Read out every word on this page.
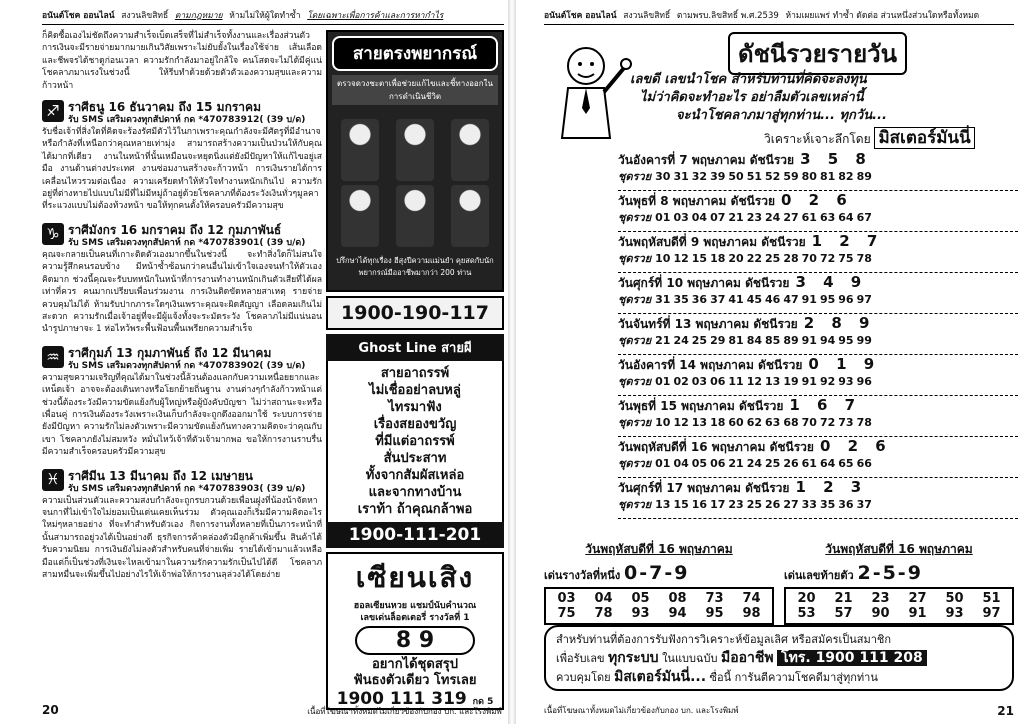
อนันต์โชค ออนไลน์ สงวนลิขสิทธิ์ ตามกฎหมาย ห้ามไม่ให้ผู้ใดทำซ้ำ โดยเฉพาะเพื่อการค้าและการหากำไร

ก็คิดซื้อเองไม่ชัดถึงความสำเร็จเบ็ดเสร็จที่ไม่สำเร็จทั้งงานและเรื่องส่วนตัว การเงินจะมีรายจ่ายมากมายเกินวิสัยเพราะไม่ยับยั้งในเรื่องใช้จ่าย เส้นเลือดและชีพจรได้ชาดูก่อนเวลา ความรักกำลังมาอยู่ใกล้ใจ คนโสดจะไม่ได้มีคู่แน่ โชคลาภมาแรงในช่วงนี้ ให้รีบทำด้วยด้วยตัวตัวเองความสุขและความก้าวหน้า

♐ ราศีธนู 16 ธันวาคม ถึง 15 มกราคม
รับ SMS เสริมดวงทุกสัปดาห์ กด *470783912( (39 บ/ด)

รับชื่อเจ้าที่สิ่งใดที่คิดจะร้องรัศมีตัวไว้ในกาเพราะคุณกำลังจะมีศัตรูที่มีอำนาจหรือกำลังที่เหนือกว่าคุณหลายเท่ามุ่ง สามารถสร้างความเป็นป่วนให้กับคุณได้มากที่เดียว งานในหน้าที่นั้นเหมือนจะหยุดนิ่งแต่ยังมีปัญหาให้แก้ไขอยู่เสมือ งานด้านต่างประเทศ งานซ่อมงานสร้างจะก้าวหน้า การเงินรายได้การเคลื่อนไหวรวมต่อเนื่อง ความเครียดทำให้หัวใจทำงานหนักเกินไป ความรักอยู่ที่ต่างหายไปแบบไม่มีที่ไม่มีหมู่ถ้าอยู่ด้วยโชคลาภที่ต้องระวังเงินทั่วๆมูลคาที่ระแวงแบบไม่ต้องท้วงหน้า ขอให้ทุกคนตั้งให้ครอบครัวมีความสุข

♑ ราศีมังกร 16 มกราคม ถึง 12 กุมภาพันธ์
รับ SMS เสริมดวงทุกสัปดาห์ กด *470783901( (39 บ/ด)

คุณจะกลายเป็นคนที่เกาะติดตัวเองมากขึ้นในช่วงนี้ จะทำสิ่งใดก็ไม่สนใจความรู้สึกคนรอบข้าง มีหน้าซ้ำซ้อนกว่าคนอื่นไม่เข้าใจเองจนทำให้ตัวเองคิดมาก ช่วงนี้คุณจะรับบทหนักในหน้าที่การงานทำงานหนักเกินตัวเสียที่ได้ผลเท่าที่ควร คนมากเปรียบเพื่อนร่วมงาน การเงินติดขัดหลายสาเหตุ รายจ่ายควบคุมไม่ได้ ห้ามรับปากภาระใดๆเงินเพราะคุณจะผิดสัญญา เลือดลมเกินไม่สะดวก ความรักเมื่อเจ้าอยู่ที่จะมีผู้แจ้งทั้งจะระมัดระวัง โชคลาภไม่มีแน่นอน นำรูปภาษาจะ 1 ห่อไหว้พระพื้นฟ้อนพื้นเพรียกความสำเร็จ

♒ ราศีกุมภ์ 13 กุมภาพันธ์ ถึง 12 มีนาคม
รับ SMS เสริมดวงทุกสัปดาห์ กด *470783902( (39 บ/ด)

ความสุขความเจริญที่คุณได้มาในช่วงนี้ล้วนต้องแลกกับความเหนื่อยยากและเหน็ดเจ้า อาจจะต้องเดินทางหรือโยกย้ายถิ่นฐาน งานต่างๆกำลังก้าวหน้าแต่ช่วงนี้ต้องระวังมีความขัดแย้งกับผู้ใหญ่หรือผู้บังคับบัญชา ไม่ว่าสถานะจะหรือเพื่อนคู่ การเงินต้องระวังเพราะเงินเก็บกำลังจะถูกดึงออกมาใช้ ระบบการจ่ายยังมีปัญหา ความรักไม่ลงตัวเพราะมีความขัดแย้งกันทางความคิดจะว่าคุณกับเขา โชคลาภยังไม่สมหวัง หมั่นไหว้เจ้าที่ตัวเจ้ามากพอ ขอให้การงานราบรื่นมีความสำเร็จครอบครัวมีความสุข

♓ ราศีมีน 13 มีนาคม ถึง 12 เมษายน
รับ SMS เสริมดวงทุกสัปดาห์ กด *470783903( (39 บ/ด)

ความเป็นส่วนตัวและความสงบกำลังจะถูกรบกวนด้วยเพื่อนฝูงที่น้องน้าจัดหาจนกาที่ไม่เข้าใจไม่ยอมเป็นเด่นเคยเห็นร่วม ตัวคุณเองก็เริ่มมีความคิดอะไรใหม่ๆหลายอย่าง ที่จะทำสำหรับตัวเอง กิจการงานทั้งหลายที่เป็นภาระหน้าที่นั้นสามารถอยู่วงได้เป็นอย่างดี ธุรกิจการค้าคล่องตัวมีลูกค้าเพิ่มขึ้น สินค้าได้รับความนิยม การเงินยังไม่ลงตัวสำหรับคนที่จ่ายเพิ่ม รายได้เข้ามาแล้วเหลือ มือแต่ก็เป็นช่วงที่เงินจะไหลเข้ามาในความรักความรักเป็นไปได้ดี โชคลาภสามหมื่นจะเพิ่มขึ้นไปอย่างไรให้เจ้าพ่อให้การงานลุล่วงได้โดยง่าย

สายตรงพยากรณ์
ตรวจดวงชะตาเพื่อช่วยแก้ไขและชี้ทางออกในการดำเนินชีวิต
ปรึกษาได้ทุกเรื่อง ฮีสุงปีความแม่นยำ คุยสดกับนักพยากรณ์มืออาชีพมากว่า 200 ท่าน
1900-190-117
Ghost Line สายผี
สายอาถรรพ์
ไม่เชื่ออย่าลบหลู่
ไทรมาฟัง
เรื่องสยองขวัญ
ที่มีแต่อาถรรพ์
สั่นประสาท
ทั้งจากสัมผัสเหล่อ
และจากทางบ้าน
เราท้า ถ้าคุณกล้าพอ
1900-111-201
เซียนเสิง
ฮอลเซียนหวย แชมป์นับคำนวณ
เลขเด่นล็อตเตอรี่ รางวัลที่ 1
8 9
อยากได้ชุดสรุป
ฟันธงตัวเดียว โทรเลย
1900 111 319 กด 5
20	เนื้อที่โฆษณาทั้งหมดไม่เกี่ยวข้องกับกอง บก. และโรงพิมพ์
อนันต์โชค ออนไลน์ สงวนลิขสิทธิ์ ตามพรบ.ลิขสิทธิ์ พ.ศ.2539 ห้ามเผยแพร่ ทำซ้ำ ดัดต่อ ส่วนหนึ่งส่วนใดหรือทั้งหมด
ดัชนีรวยรายวัน
เลขดี เลขนำโชค สำหรับท่านที่คิดจะลงทุน
ไม่ว่าคิดจะทำอะไร อย่าลืมตัวเลขเหล่านี้
จะนำโชคลาภมาสู่ทุกท่าน... ทุกวัน...
วิเคราะห์เจาะลึกโดย มิสเตอร์มันนี่
วันอังคารที่ 7 พฤษภาคม ดัชนีรวย 3 5 8
ชุดรวย 30 31 32 39 50 51 52 59 80 81 82 89
วันพุธที่ 8 พฤษภาคม ดัชนีรวย 0 2 6
ชุดรวย 01 03 04 07 21 23 24 27 61 63 64 67
วันพฤหัสบดีที่ 9 พฤษภาคม ดัชนีรวย 1 2 7
ชุดรวย 10 12 15 18 20 22 25 28 70 72 75 78
วันศุกร์ที่ 10 พฤษภาคม ดัชนีรวย 3 4 9
ชุดรวย 31 35 36 37 41 45 46 47 91 95 96 97
วันจันทร์ที่ 13 พฤษภาคม ดัชนีรวย 2 8 9
ชุดรวย 21 24 25 29 81 84 85 89 91 94 95 99
วันอังคารที่ 14 พฤษภาคม ดัชนีรวย 0 1 9
ชุดรวย 01 02 03 06 11 12 13 19 91 92 93 96
วันพุธที่ 15 พฤษภาคม ดัชนีรวย 1 6 7
ชุดรวย 10 12 13 18 60 62 63 68 70 72 73 78
วันพฤหัสบดีที่ 16 พฤษภาคม ดัชนีรวย 0 2 6
ชุดรวย 01 04 05 06 21 24 25 26 61 64 65 66
วันศุกร์ที่ 17 พฤษภาคม ดัชนีรวย 1 2 3
ชุดรวย 13 15 16 17 23 25 26 27 33 35 36 37
วันพฤหัสบดีที่ 16 พฤษภาคม
เด่นรางวัลที่หนึ่ง 0-7-9
03	04	05	08	73	74
75	78	93	94	95	98
วันพฤหัสบดีที่ 16 พฤษภาคม
เด่นเลขท้ายตัว 2-5-9
20	21	23	27	50	51
53	57	90	91	93	97
สำหรับท่านที่ต้องการรับฟังการวิเคราะห์ข้อมูลเลิศ หรือสมัครเป็นสมาชิก
เพื่อรับเลข ทุกระบบ ในแบบฉบับ มืออาชีพ โทร. 1900 111 208
ควบคุมโดย มิสเตอร์มันนี่... ซื่อนี้ การันตีความโชคดีมาสู่ทุกท่าน
เนื้อที่โฆษณาทั้งหมดไม่เกี่ยวข้องกับกอง บก. และโรงพิมพ์	21
